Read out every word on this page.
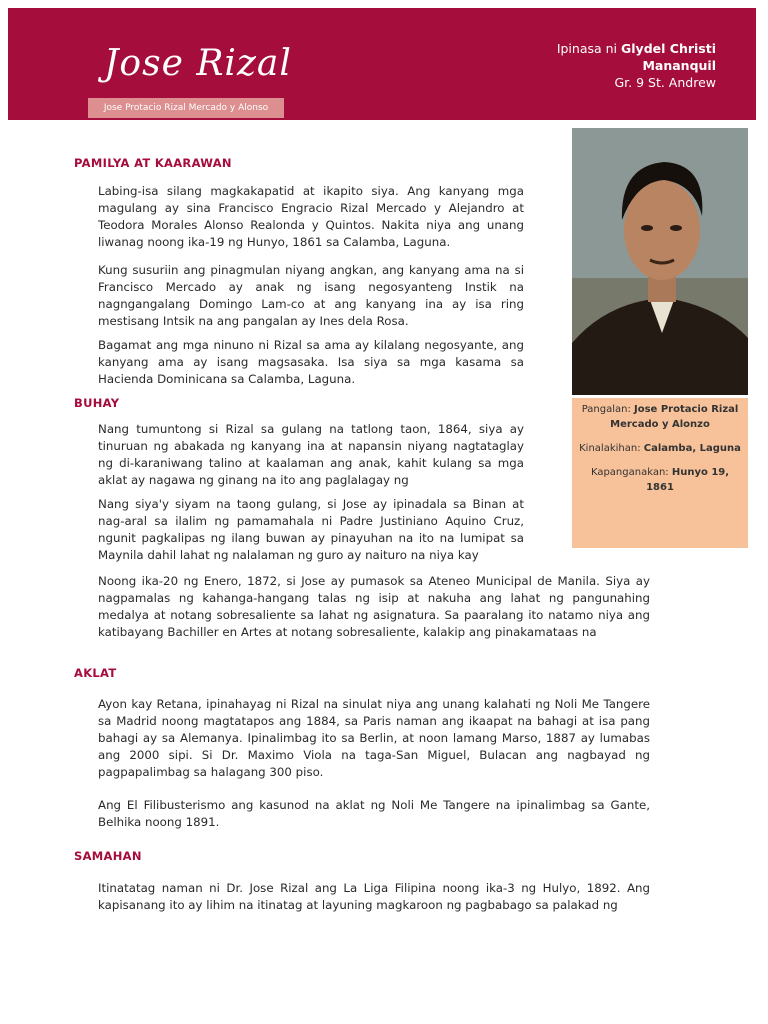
Jose Rizal
Jose Protacio Rizal Mercado y Alonso
Ipinasa ni Glydel Christi
Mananquil
Gr. 9 St. Andrew
Pangalan: Jose Protacio Rizal Mercado y Alonzo
Kinalakihan: Calamba, Laguna
Kapanganakan: Hunyo 19, 1861
PAMILYA AT KAARAWAN

Labing-isa silang magkakapatid at ikapito siya. Ang kanyang mga magulang ay sina Francisco Engracio Rizal Mercado y Alejandro at Teodora Morales Alonso Realonda y Quintos. Nakita niya ang unang liwanag noong ika-19 ng Hunyo, 1861 sa Calamba, Laguna.

Kung susuriin ang pinagmulan niyang angkan, ang kanyang ama na si Francisco Mercado ay anak ng isang negosyanteng Instik na nagngangalang Domingo Lam-co at ang kanyang ina ay isa ring mestisang Intsik na ang pangalan ay Ines dela Rosa.

Bagamat ang mga ninuno ni Rizal sa ama ay kilalang negosyante, ang kanyang ama ay isang magsasaka. Isa siya sa mga kasama sa Hacienda Dominicana sa Calamba, Laguna.

BUHAY

Nang tumuntong si Rizal sa gulang na tatlong taon, 1864, siya ay tinuruan ng abakada ng kanyang ina at napansin niyang nagtataglay ng di-karaniwang talino at kaalaman ang anak, kahit kulang sa mga aklat ay nagawa ng ginang na ito ang paglalagay ng

Nang siya'y siyam na taong gulang, si Jose ay ipinadala sa Binan at nag-aral sa ilalim ng pamamahala ni Padre Justiniano Aquino Cruz, ngunit pagkalipas ng ilang buwan ay pinayuhan na ito na lumipat sa Maynila dahil lahat ng nalalaman ng guro ay naituro na niya kay

Noong ika-20 ng Enero, 1872, si Jose ay pumasok sa Ateneo Municipal de Manila. Siya ay nagpamalas ng kahanga-hangang talas ng isip at nakuha ang lahat ng pangunahing medalya at notang sobresaliente sa lahat ng asignatura. Sa paaralang ito natamo niya ang katibayang Bachiller en Artes at notang sobresaliente, kalakip ang pinakamataas na

AKLAT

Ayon kay Retana, ipinahayag ni Rizal na sinulat niya ang unang kalahati ng Noli Me Tangere sa Madrid noong magtatapos ang 1884, sa Paris naman ang ikaapat na bahagi at isa pang bahagi ay sa Alemanya. Ipinalimbag ito sa Berlin, at noon lamang Marso, 1887 ay lumabas ang 2000 sipi. Si Dr. Maximo Viola na taga-San Miguel, Bulacan ang nagbayad ng pagpapalimbag sa halagang 300 piso.

Ang El Filibusterismo ang kasunod na aklat ng Noli Me Tangere na ipinalimbag sa Gante, Belhika noong 1891.

SAMAHAN

Itinatatag naman ni Dr. Jose Rizal ang La Liga Filipina noong ika-3 ng Hulyo, 1892. Ang kapisanang ito ay lihim na itinatag at layuning magkaroon ng pagbabago sa palakad ng
